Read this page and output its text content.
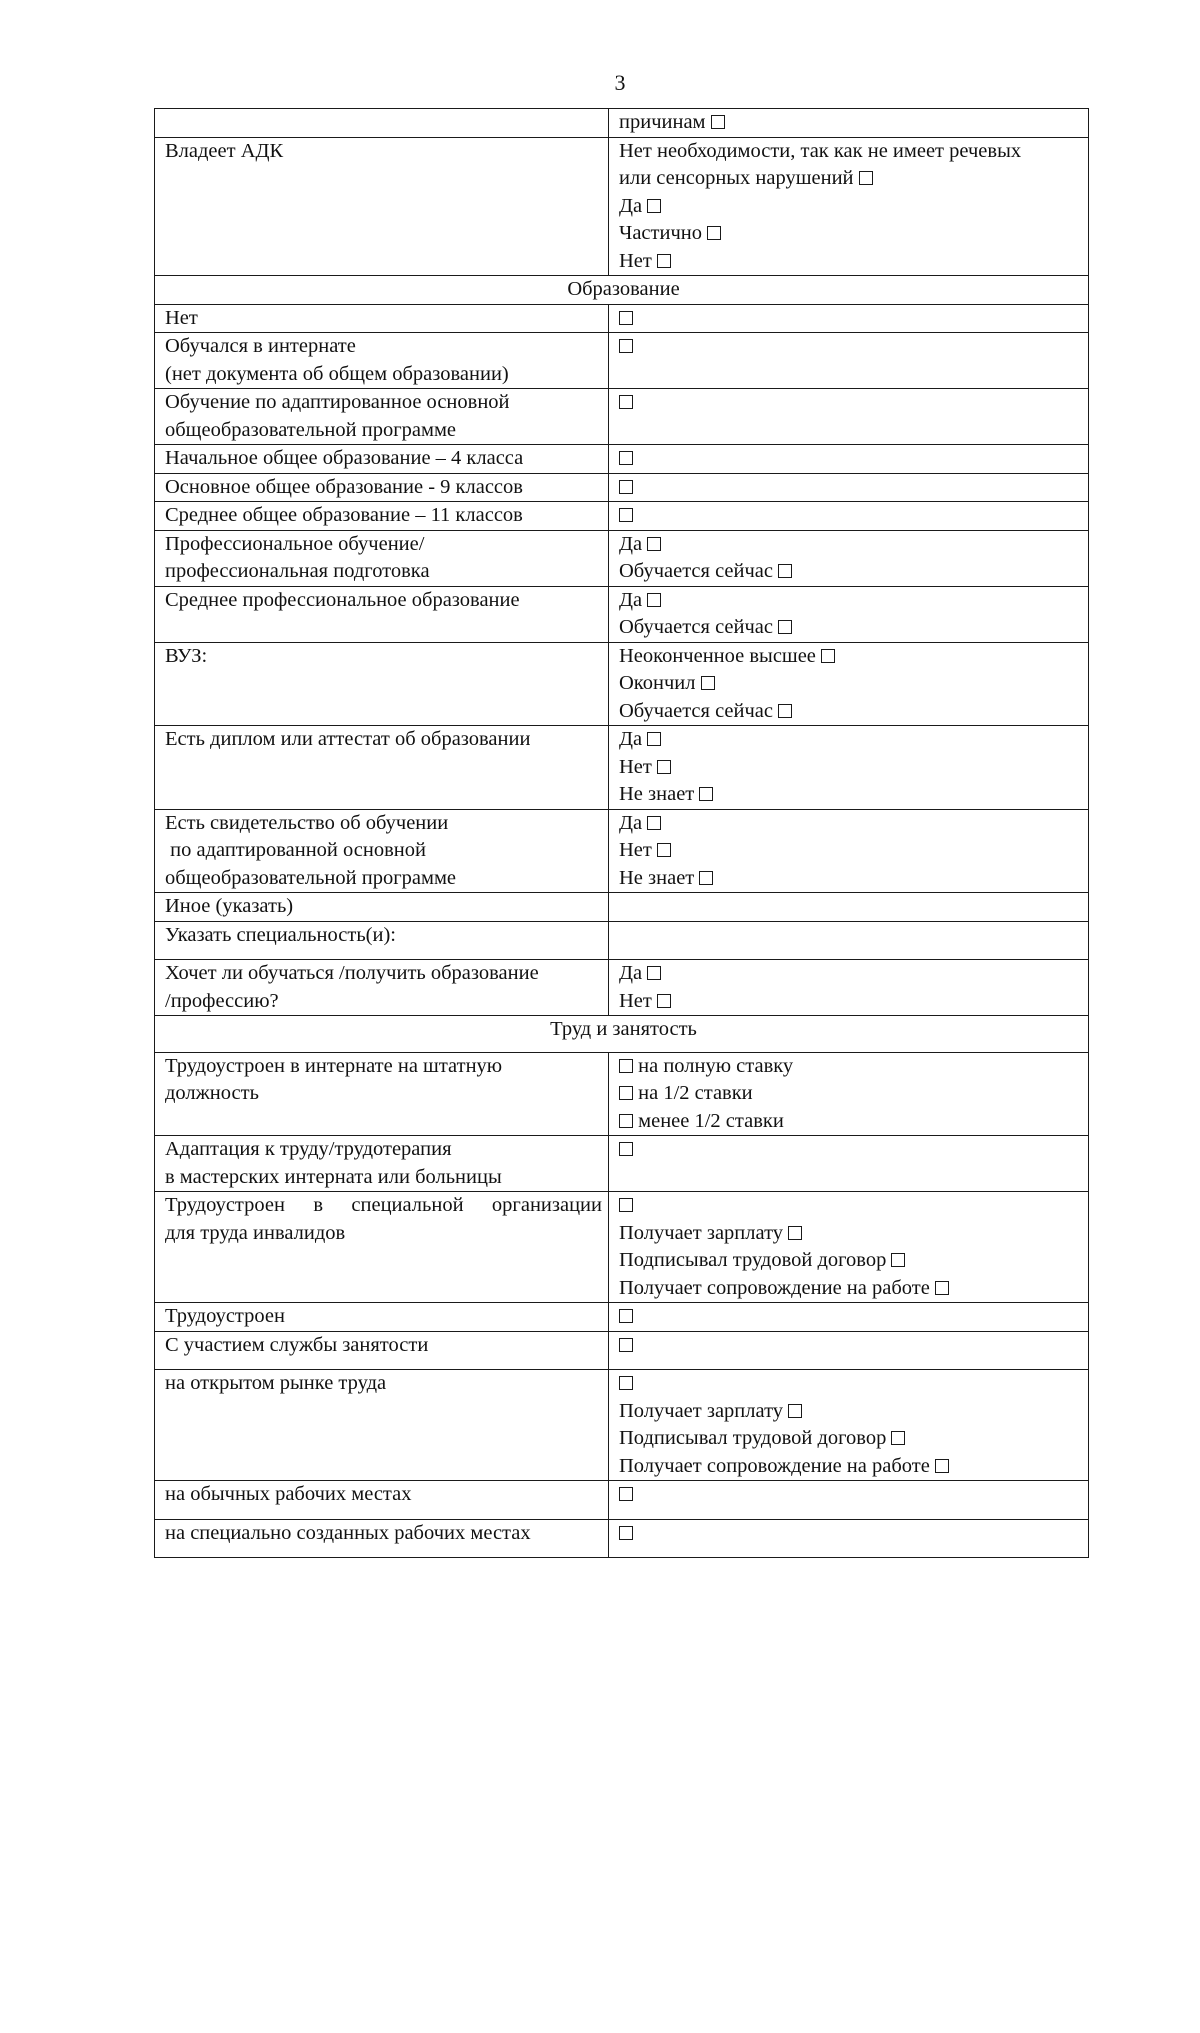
3

	причинам

Владеет АДК	Нет необходимости, так как не имеет речевых
или сенсорных нарушений
Да
Частично
Нет

Образование	

Нет	

Обучался в интернате
(нет документа об общем образовании)	

Обучение по адаптированное основной
общеобразовательной программе	

Начальное общее образование – 4 класса	

Основное общее образование - 9 классов	

Среднее общее образование – 11 классов	

Профессиональное обучение/
профессиональная подготовка	Да
Обучается сейчас

Среднее профессиональное образование	Да
Обучается сейчас

ВУЗ:	Неоконченное высшее
Окончил
Обучается сейчас

Есть диплом или аттестат об образовании	Да
Нет
Не знает

Есть свидетельство об обучении
по адаптированной основной
общеобразовательной программе	Да
Нет
Не знает

Иное (указать)	

Указать специальность(и):	

Хочет ли обучаться /получить образование
/профессию?	Да
Нет

Труд и занятость	

Трудоустроен в интернате на штатную
должность	на полную ставку
на 1/2 ставки
менее 1/2 ставки

Адаптация к труду/трудотерапия
в мастерских интерната или больницы	

Трудоустроен в специальной организации
для труда инвалидов	Получает зарплату
Подписывал трудовой договор
Получает сопровождение на работе

Трудоустроен	

С участием службы занятости	

на открытом рынке труда	Получает зарплату
Подписывал трудовой договор
Получает сопровождение на работе

на обычных рабочих местах	

на специально созданных рабочих местах	
